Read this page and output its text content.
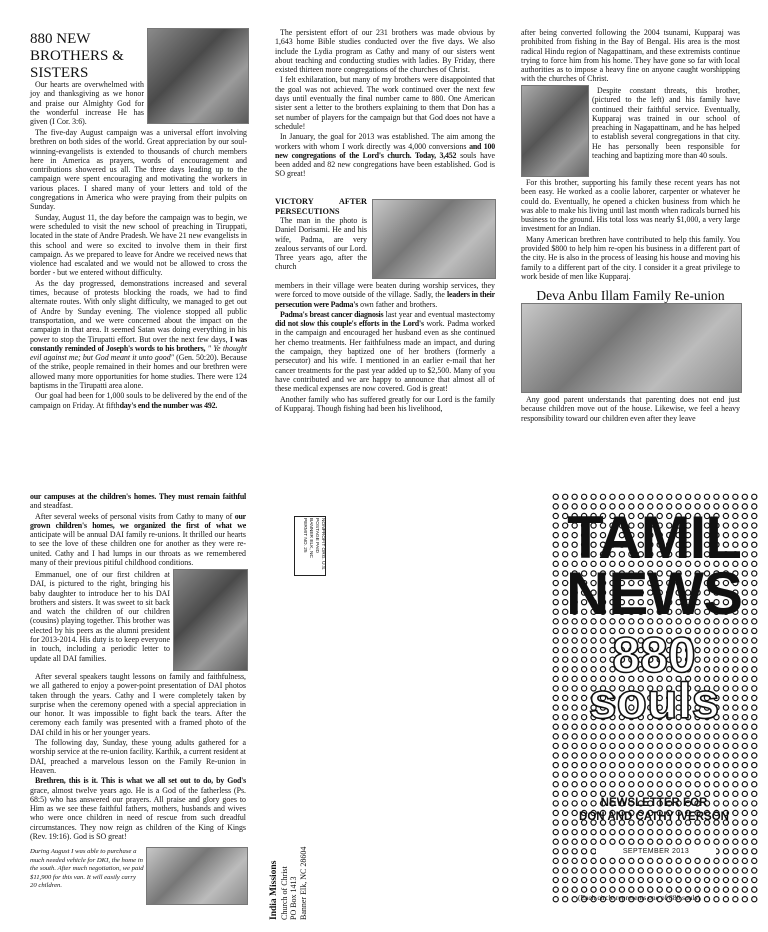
880 NEW BROTHERS & SISTERS

Our hearts are overwhelmed with joy and thanksgiving as we honor and praise our Almighty God for the wonderful increase He has given (I Cor. 3:6).

The five-day August campaign was a universal effort involving brethren on both sides of the world. Great appreciation by our soul-winning-evangelists is extended to thousands of church members here in America as prayers, words of encouragement and contributions showered us all. The three days leading up to the campaign were spent encouraging and motivating the workers in various places. I shared many of your letters and told of the congregations in America who were praying from their pulpits on Sunday.

Sunday, August 11, the day before the campaign was to begin, we were scheduled to visit the new school of preaching in Tiruppati, located in the state of Andre Pradesh. We have 21 new evangelists in this school and were so excited to involve them in their first campaign. As we prepared to leave for Andre we received news that violence had escalated and we would not be allowed to cross the border - but we entered without difficulty.

As the day progressed, demonstrations increased and several times, because of protests blocking the roads, we had to find alternate routes. With only slight difficulty, we managed to get out of Andre by Sunday evening. The violence stopped all public transportation, and we were concerned about the impact on the campaign in that area. It seemed Satan was doing everything in his power to stop the Tirupatti effort. But over the next few days, I was constantly reminded of Joseph's words to his brothers, " Ye thought evil against me; but God meant it unto good" (Gen. 50:20). Because of the strike, people remained in their homes and our brethren were allowed many more opportunities for home studies. There were 124 baptisms in the Tirupatti area alone.

Our goal had been for 1,000 souls to be delivered by the end of the campaign on Friday. At fifthday's end the number was 492.

The persistent effort of our 231 brothers was made obvious by 1,643 home Bible studies conducted over the five days. We also include the Lydia program as Cathy and many of our sisters went about teaching and conducting studies with ladies. By Friday, there existed thirteen more congregations of the churches of Christ.

I felt exhilaration, but many of my brothers were disappointed that the goal was not achieved. The work continued over the next few days until eventually the final number came to 880. One American sister sent a letter to the brothers explaining to them that Don has a set number of players for the campaign but that God does not have a schedule!

In January, the goal for 2013 was established. The aim among the workers with whom I work directly was 4,000 conversions and 100 new congregations of the Lord's church. Today, 3,452 souls have been added and 82 new congregations have been established. God is SO great!

VICTORY AFTER PERSECUTIONS

The man in the photo is Daniel Dorisami. He and his wife, Padma, are very zealous servants of our Lord. Three years ago, after the church

members in their village were beaten during worship services, they were forced to move outside of the village. Sadly, the leaders in their persecution were Padma's own father and brothers.

Padma's breast cancer diagnosis last year and eventual mastectomy did not slow this couple's efforts in the Lord's work. Padma worked in the campaign and encouraged her husband even as she continued her chemo treatments. Her faithfulness made an impact, and during the campaign, they baptized one of her brothers (formerly a persecutor) and his wife. I mentioned in an earlier e-mail that her cancer treatments for the past year added up to $2,500. Many of you have contributed and we are happy to announce that almost all of these medical expenses are now covered. God is great!

Another family who has suffered greatly for our Lord is the family of Kupparaj. Though fishing had been his livelihood,

after being converted following the 2004 tsunami, Kupparaj was prohibited from fishing in the Bay of Bengal. His area is the most radical Hindu region of Nagapattinam, and these extremists continue trying to force him from his home. They have gone so far with local authorities as to impose a heavy fine on anyone caught worshipping with the churches of Christ.

Despite constant threats, this brother, (pictured to the left) and his family have continued their faithful service. Eventually, Kupparaj was trained in our school of preaching in Nagapattinam, and he has helped to establish several congregations in that city. He has personally been responsible for teaching and baptizing more than 40 souls.

For this brother, supporting his family these recent years has not been easy. He worked as a coolie laborer, carpenter or whatever he could do. Eventually, he opened a chicken business from which he was able to make his living until last month when radicals burned his business to the ground. His total loss was nearly $1,000, a very large investment for an Indian.

Many American brethren have contributed to help this family. You provided $800 to help him re-open his business in a different part of the city. He is also in the process of leasing his house and moving his family to a different part of the city. I consider it a great privilege to work beside of men like Kupparaj.

Deva Anbu Illam Family Re-union

Any good parent understands that parenting does not end just because children move out of the house. Likewise, we feel a heavy responsibility toward our children even after they leave

our campuses at the children's homes. They must remain faithful and steadfast.

After several weeks of personal visits from Cathy to many of our grown children's homes, we organized the first of what we anticipate will be annual DAI family re-unions. It thrilled our hearts to see the love of these children one for another as they were re-united. Cathy and I had lumps in our throats as we remembered many of their previous pitiful childhood conditions.

Emmanuel, one of our first children at DAI, is pictured to the right, bringing his baby daughter to introduce her to his DAI brothers and sisters. It was sweet to sit back and watch the children of our children (cousins) playing together. This brother was elected by his peers as the alumni president for 2013-2014. His duty is to keep everyone in touch, including a periodic letter to update all DAI families.

After several speakers taught lessons on family and faithfulness, we all gathered to enjoy a power-point presentation of DAI photos taken through the years. Cathy and I were completely taken by surprise when the ceremony opened with a special appreciation in our honor. It was impossible to fight back the tears. After the ceremony each family was presented with a framed photo of the DAI child in his or her younger years.

The following day, Sunday, these young adults gathered for a worship service at the re-union facility. Karthik, a current resident at DAI, preached a marvelous lesson on the Family Re-union in Heaven.

Brethren, this is it. This is what we all set out to do, by God's grace, almost twelve years ago. He is a God of the fatherless (Ps. 68:5) who has answered our prayers. All praise and glory goes to Him as we see these faithful fathers, mothers, husbands and wives who were once children in need of rescue from such dreadful circumstances. They now reign as children of the King of Kings (Rev. 19:16). God is SO great!

During August I was able to purchase a much needed vehicle for DKI, the home in the south. After much negotiation, we paid $11,900 for this van. It will easily carry 20 children.
NONPROFIT ORG. U.S. POSTAGE PAID BANNER ELK, NC PERMIT NO. 25
India Missions Church of Christ PO Box 1413 Banner Elk, NC 28604
TAMIL
NEWS
880
souls
NEWSLETTER FOR
DON AND CATHY IVERSON
SEPTEMBER 2013
(Each circle represents one of 880 souls)
